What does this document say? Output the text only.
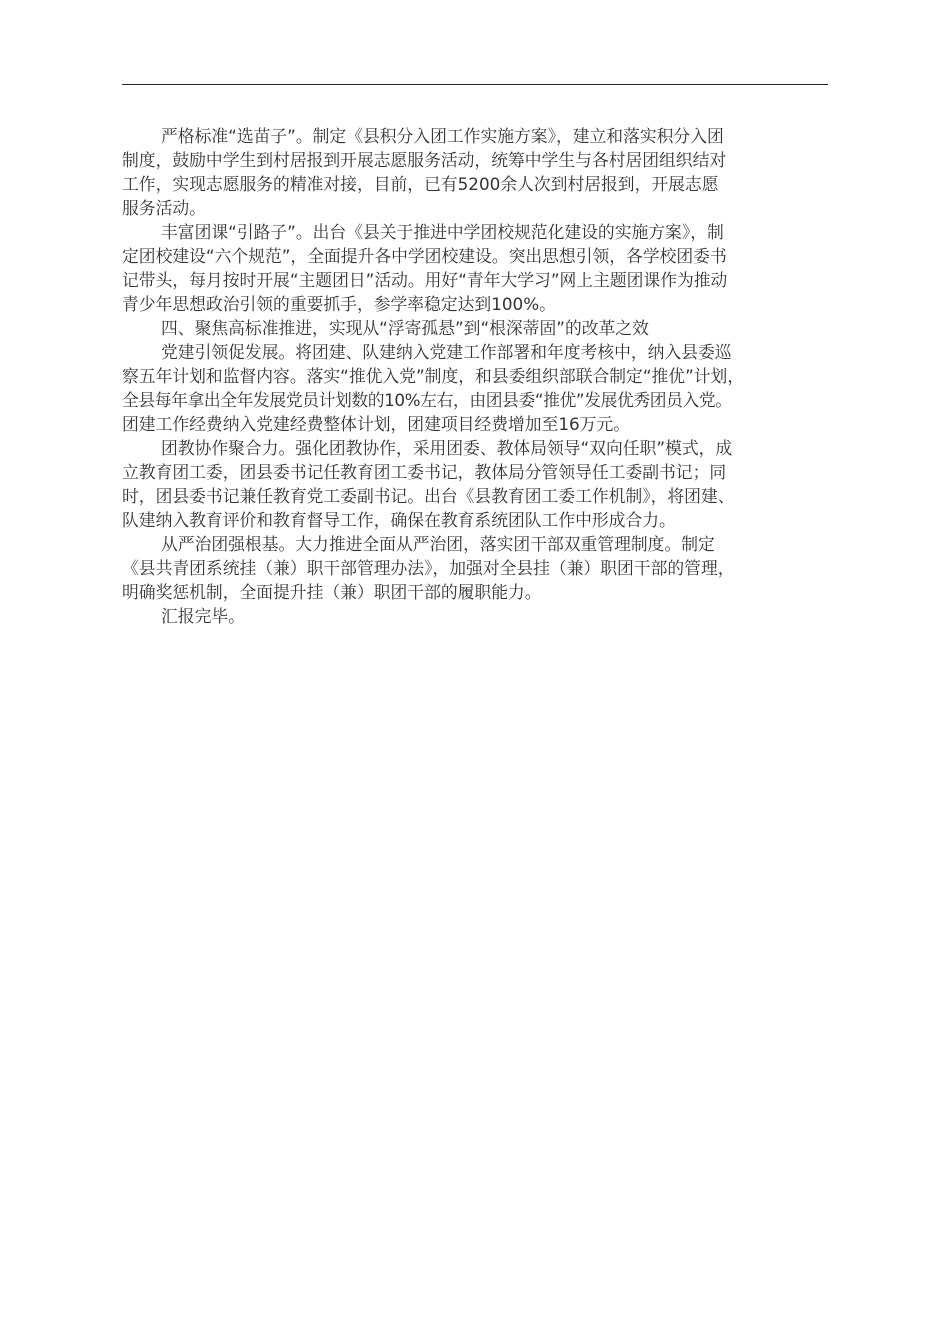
严格标准“选苗子”。制定《县积分入团工作实施方案》，建立和落实积分入团
制度，鼓励中学生到村居报到开展志愿服务活动，统筹中学生与各村居团组织结对
工作，实现志愿服务的精准对接，目前，已有5200余人次到村居报到，开展志愿
服务活动。
丰富团课“引路子”。出台《县关于推进中学团校规范化建设的实施方案》，制
定团校建设“六个规范”，全面提升各中学团校建设。突出思想引领，各学校团委书
记带头，每月按时开展“主题团日”活动。用好“青年大学习”网上主题团课作为推动
青少年思想政治引领的重要抓手，参学率稳定达到100%。
四、聚焦高标准推进，实现从“浮寄孤悬”到“根深蒂固”的改革之效
党建引领促发展。将团建、队建纳入党建工作部署和年度考核中，纳入县委巡
察五年计划和监督内容。落实“推优入党”制度，和县委组织部联合制定“推优”计划，
全县每年拿出全年发展党员计划数的10%左右，由团县委“推优”发展优秀团员入党。
团建工作经费纳入党建经费整体计划，团建项目经费增加至16万元。
团教协作聚合力。强化团教协作，采用团委、教体局领导“双向任职”模式，成
立教育团工委，团县委书记任教育团工委书记，教体局分管领导任工委副书记；同
时，团县委书记兼任教育党工委副书记。出台《县教育团工委工作机制》，将团建、
队建纳入教育评价和教育督导工作，确保在教育系统团队工作中形成合力。
从严治团强根基。大力推进全面从严治团，落实团干部双重管理制度。制定
《县共青团系统挂（兼）职干部管理办法》，加强对全县挂（兼）职团干部的管理，
明确奖惩机制，全面提升挂（兼）职团干部的履职能力。
汇报完毕。
